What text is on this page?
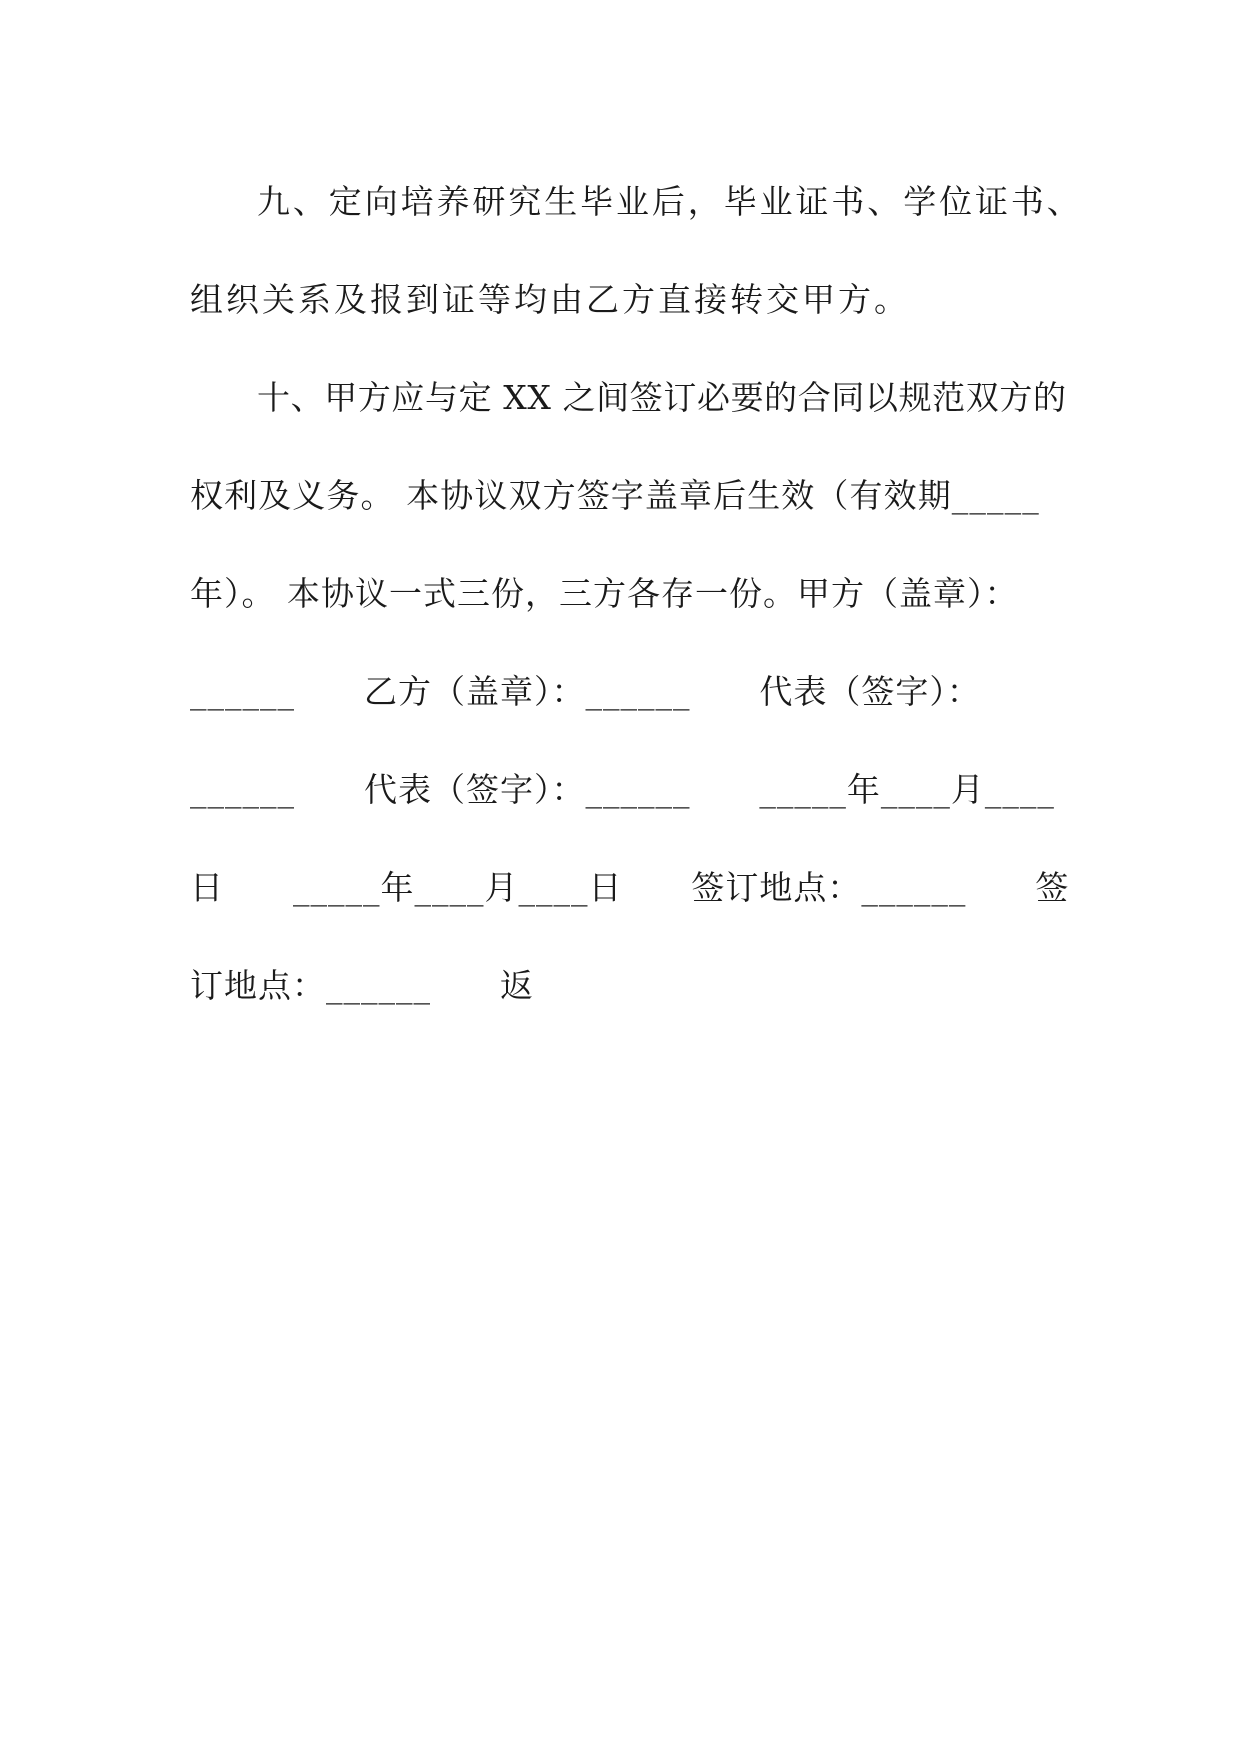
九、定向培养研究生毕业后，毕业证书、学位证书、
组织关系及报到证等均由乙方直接转交甲方。
十、甲方应与定 XX 之间签订必要的合同以规范双方的
权利及义务。 本协议双方签字盖章后生效（有效期_____
年）。 本协议一式三份，三方各存一份。甲方（盖章）：
______      乙方（盖章）：______      代表（签字）：
______      代表（签字）：______      _____年____月____
日      _____年____月____日      签订地点：______      签
订地点：______      返
